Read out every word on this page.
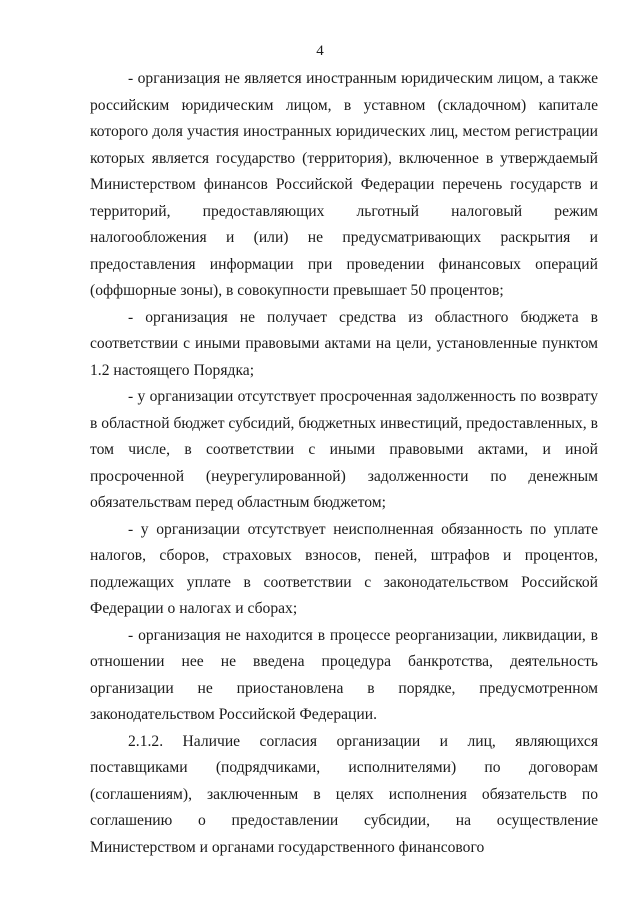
4

- организация не является иностранным юридическим лицом, а также российским юридическим лицом, в уставном (складочном) капитале которого доля участия иностранных юридических лиц, местом регистрации которых является государство (территория), включенное в утверждаемый Министерством финансов Российской Федерации перечень государств и территорий, предоставляющих льготный налоговый режим налогообложения и (или) не предусматривающих раскрытия и предоставления информации при проведении финансовых операций (оффшорные зоны), в совокупности превышает 50 процентов;

- организация не получает средства из областного бюджета в соответствии с иными правовыми актами на цели, установленные пунктом 1.2 настоящего Порядка;

- у организации отсутствует просроченная задолженность по возврату в областной бюджет субсидий, бюджетных инвестиций, предоставленных, в том числе, в соответствии с иными правовыми актами, и иной просроченной (неурегулированной) задолженности по денежным обязательствам перед областным бюджетом;

- у организации отсутствует неисполненная обязанность по уплате налогов, сборов, страховых взносов, пеней, штрафов и процентов, подлежащих уплате в соответствии с законодательством Российской Федерации о налогах и сборах;

- организация не находится в процессе реорганизации, ликвидации, в отношении нее не введена процедура банкротства, деятельность организации не приостановлена в порядке, предусмотренном законодательством Российской Федерации.

2.1.2. Наличие согласия организации и лиц, являющихся поставщиками (подрядчиками, исполнителями) по договорам (соглашениям), заключенным в целях исполнения обязательств по соглашению о предоставлении субсидии, на осуществление Министерством и органами государственного финансового
